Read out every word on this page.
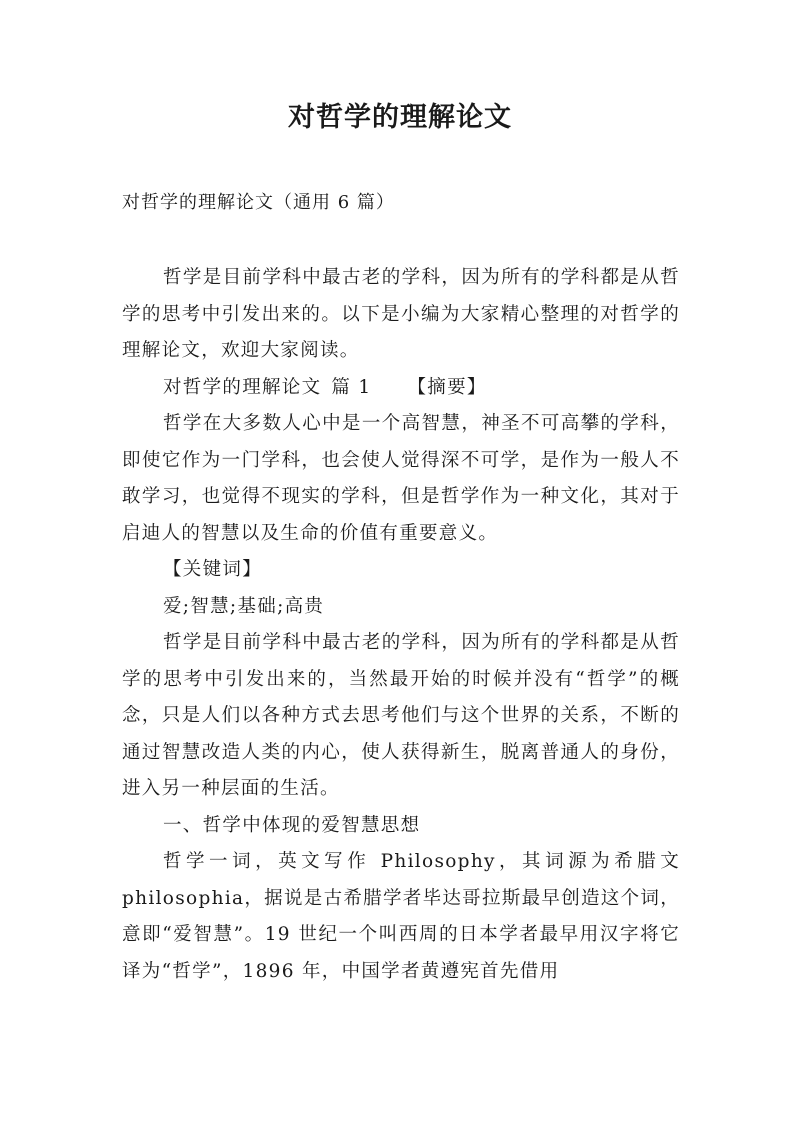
对哲学的理解论文
对哲学的理解论文（通用 6 篇）

哲学是目前学科中最古老的学科，因为所有的学科都是从哲学的思考中引发出来的。以下是小编为大家精心整理的对哲学的理解论文，欢迎大家阅读。

对哲学的理解论文 篇 1 【摘要】

哲学在大多数人心中是一个高智慧，神圣不可高攀的学科，即使它作为一门学科，也会使人觉得深不可学，是作为一般人不敢学习，也觉得不现实的学科，但是哲学作为一种文化，其对于启迪人的智慧以及生命的价值有重要意义。

【关键词】

爱;智慧;基础;高贵

哲学是目前学科中最古老的学科，因为所有的学科都是从哲学的思考中引发出来的，当然最开始的时候并没有“哲学”的概念，只是人们以各种方式去思考他们与这个世界的关系，不断的通过智慧改造人类的内心，使人获得新生，脱离普通人的身份，进入另一种层面的生活。

一、哲学中体现的爱智慧思想

哲学一词，英文写作 Philosophy，其词源为希腊文philosophia，据说是古希腊学者毕达哥拉斯最早创造这个词，意即“爱智慧”。19 世纪一个叫西周的日本学者最早用汉字将它译为“哲学”，1896 年，中国学者黄遵宪首先借用
